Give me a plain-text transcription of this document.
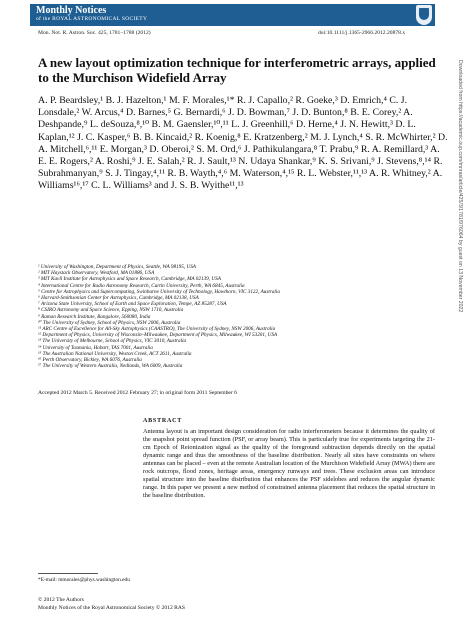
Monthly Notices
of the ROYAL ASTRONOMICAL SOCIETY
Mon. Not. R. Astron. Soc. 425, 1781–1788 (2012)	doi:10.1111/j.1365-2966.2012.20878.x
A new layout optimization technique for interferometric arrays, applied to the Murchison Widefield Array
A. P. Beardsley,¹ B. J. Hazelton,¹ M. F. Morales,¹* R. J. Capallo,² R. Goeke,³ D. Emrich,⁴ C. J. Lonsdale,² W. Arcus,⁴ D. Barnes,⁵ G. Bernardi,⁶ J. D. Bowman,⁷ J. D. Bunton,⁸ B. E. Corey,² A. Deshpande,⁹ L. deSouza,⁸,¹⁰ B. M. Gaensler,¹⁰,¹¹ L. J. Greenhill,⁶ D. Herne,⁴ J. N. Hewitt,³ D. L. Kaplan,¹² J. C. Kasper,⁶ B. B. Kincaid,² R. Koenig,⁸ E. Kratzenberg,² M. J. Lynch,⁴ S. R. McWhirter,² D. A. Mitchell,⁶,¹¹ E. Morgan,³ D. Oberoi,² S. M. Ord,⁶ J. Pathikulangara,⁸ T. Prabu,⁹ R. A. Remillard,³ A. E. E. Rogers,² A. Roshi,⁹ J. E. Salah,² R. J. Sault,¹³ N. Udaya Shankar,⁹ K. S. Srivani,⁹ J. Stevens,⁸,¹⁴ R. Subrahmanyan,⁹ S. J. Tingay,⁴,¹¹ R. B. Wayth,⁴,⁶ M. Waterson,⁴,¹⁵ R. L. Webster,¹¹,¹³ A. R. Whitney,² A. Williams¹⁶,¹⁷ C. L. Williams³ and J. S. B. Wyithe¹¹,¹³
¹ University of Washington, Department of Physics, Seattle, WA 98195, USA
² MIT Haystack Observatory, Westford, MA 01886, USA
³ MIT Kavli Institute for Astrophysics and Space Research, Cambridge, MA 02139, USA
⁴ International Centre for Radio Astronomy Research, Curtin University, Perth, WA 6845, Australia
⁵ Centre for Astrophysics and Supercomputing, Swinburne University of Technology, Hawthorn, VIC 3122, Australia
⁶ Harvard-Smithsonian Center for Astrophysics, Cambridge, MA 02138, USA
⁷ Arizona State University, School of Earth and Space Exploration, Tempe, AZ 85287, USA
⁸ CSIRO Astronomy and Space Science, Epping, NSW 1710, Australia
⁹ Raman Research Institute, Bangalore, 560080, India
¹⁰ The University of Sydney, School of Physics, NSW 2006, Australia
¹¹ ARC Centre of Excellence for All-Sky Astrophysics (CAASTRO), The University of Sydney, NSW 2006, Australia
¹² Department of Physics, University of Wisconsin–Milwaukee, Department of Physics, Milwaukee, WI 53201, USA
¹³ The University of Melbourne, School of Physics, VIC 3010, Australia
¹⁴ University of Tasmania, Hobart, TAS 7001, Australia
¹⁵ The Australian National University, Weston Creek, ACT 2611, Australia
¹⁶ Perth Observatory, Bickley, WA 6076, Australia
¹⁷ The University of Western Australia, Nedlands, WA 6009, Australia
Accepted 2012 March 5. Received 2012 February 27; in original form 2011 September 6
ABSTRACT
Antenna layout is an important design consideration for radio interferometers because it determines the quality of the snapshot point spread function (PSF, or array beam). This is particularly true for experiments targeting the 21-cm Epoch of Reionization signal as the quality of the foreground subtraction depends directly on the spatial dynamic range and thus the smoothness of the baseline distribution. Nearly all sites have constraints on where antennas can be placed – even at the remote Australian location of the Murchison Widefield Array (MWA) there are rock outcrops, flood zones, heritage areas, emergency runways and trees. These exclusion areas can introduce spatial structure into the baseline distribution that enhances the PSF sidelobes and reduces the angular dynamic range. In this paper we present a new method of constrained antenna placement that reduces the spatial structure in the baseline distribution.
*E-mail: mmorales@phys.washington.edu
© 2012 The Authors
Monthly Notices of the Royal Astronomical Society © 2012 RAS
Downloaded from https://academic.oup.com/mnras/article/425/3/1781/976064 by guest on 13 November 2022
